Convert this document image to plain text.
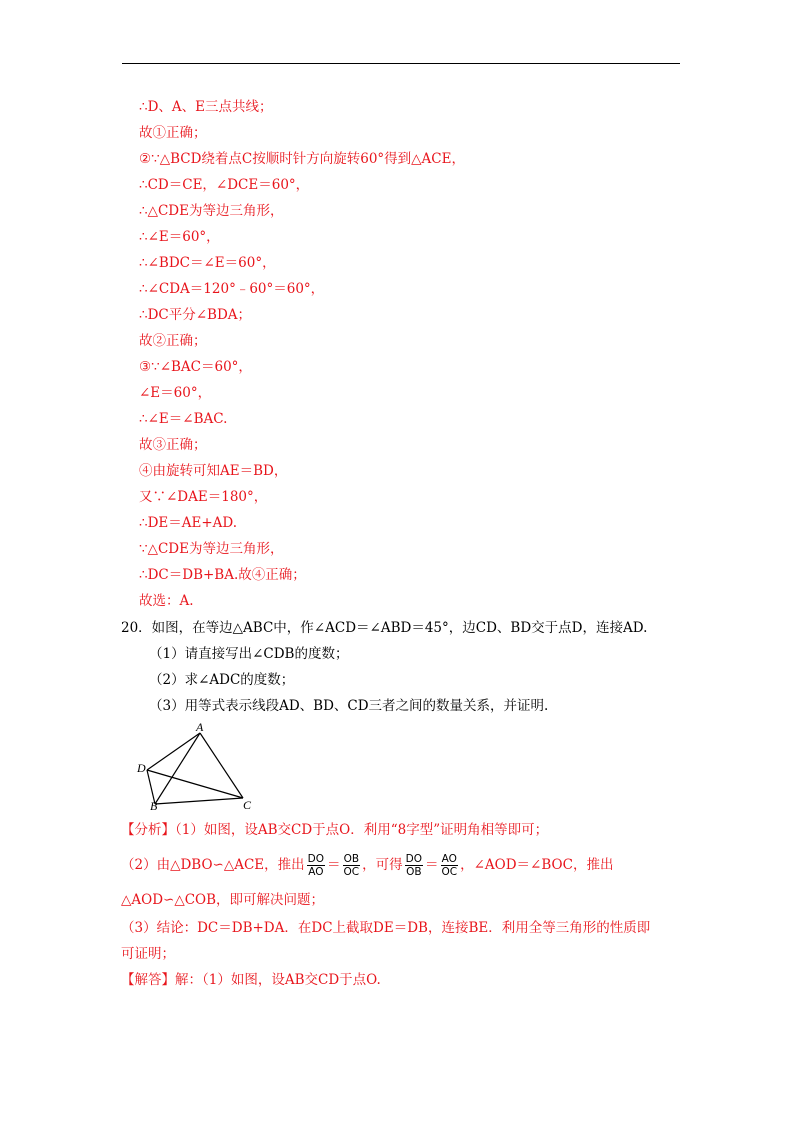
∴D、A、E三点共线；
故①正确；
②∵△BCD绕着点C按顺时针方向旋转60°得到△ACE，
∴CD＝CE，∠DCE＝60°，
∴△CDE为等边三角形，
∴∠E＝60°，
∴∠BDC＝∠E＝60°，
∴∠CDA＝120°﹣60°＝60°，
∴DC平分∠BDA；
故②正确；
③∵∠BAC＝60°，
∠E＝60°，
∴∠E＝∠BAC.
故③正确；
④由旋转可知AE＝BD，
又∵∠DAE＝180°，
∴DE＝AE+AD.
∵△CDE为等边三角形，
∴DC＝DB+BA.故④正确；
故选：A.
20．如图，在等边△ABC中，作∠ACD＝∠ABD＝45°，边CD、BD交于点D，连接AD.
（1）请直接写出∠CDB的度数；
（2）求∠ADC的度数；
（3）用等式表示线段AD、BD、CD三者之间的数量关系，并证明.
A
D
B	C
【分析】（1）如图，设AB交CD于点O．利用“8字型”证明角相等即可；
（2）由△DBO∽△ACE，推出 $\frac{DO}{AO} = \frac{OB}{OC}$ ，可得 $\frac{DO}{OB} = \frac{AO}{OC}$ ，∠AOD＝∠BOC，推出
△AOD∽△COB，即可解决问题；
（3）结论：DC＝DB+DA．在DC上截取DE＝DB，连接BE．利用全等三角形的性质即
可证明；
【解答】解：（1）如图，设AB交CD于点O.
